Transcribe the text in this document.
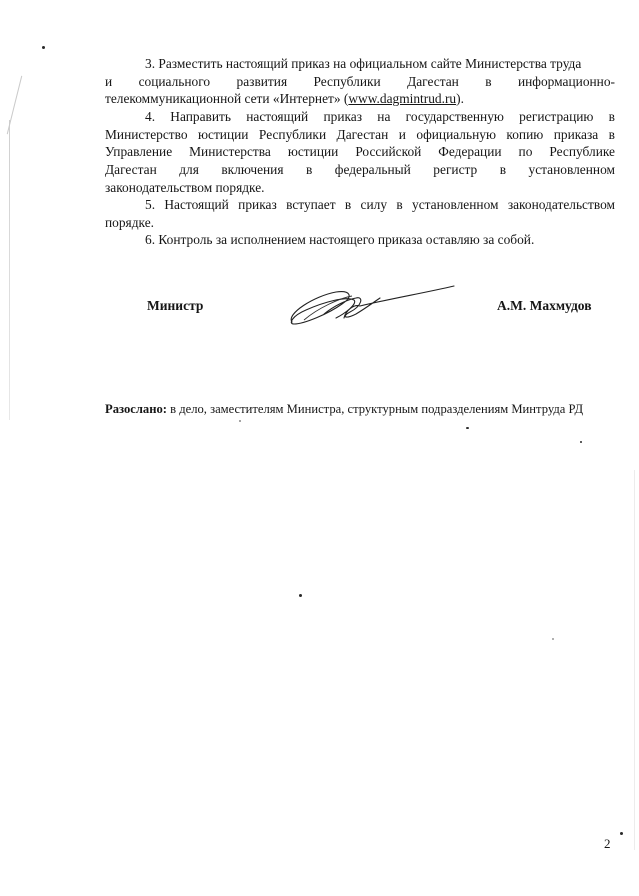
3. Разместить настоящий приказ на официальном сайте Министерства труда

и социального развития Республики Дагестан в информационно-

телекоммуникационной сети «Интернет» (www.dagmintrud.ru).

4. Направить настоящий приказ на государственную регистрацию в

Министерство юстиции Республики Дагестан и официальную копию приказа в

Управление Министерства юстиции Российской Федерации по Республике

Дагестан для включения в федеральный регистр в установленном

законодательством порядке.

5. Настоящий приказ вступает в силу в установленном законодательством

порядке.

6. Контроль за исполнением настоящего приказа оставляю за собой.

Министр	А.М. Махмудов
Разослано: в дело, заместителям Министра, структурным подразделениям Минтруда РД
2
